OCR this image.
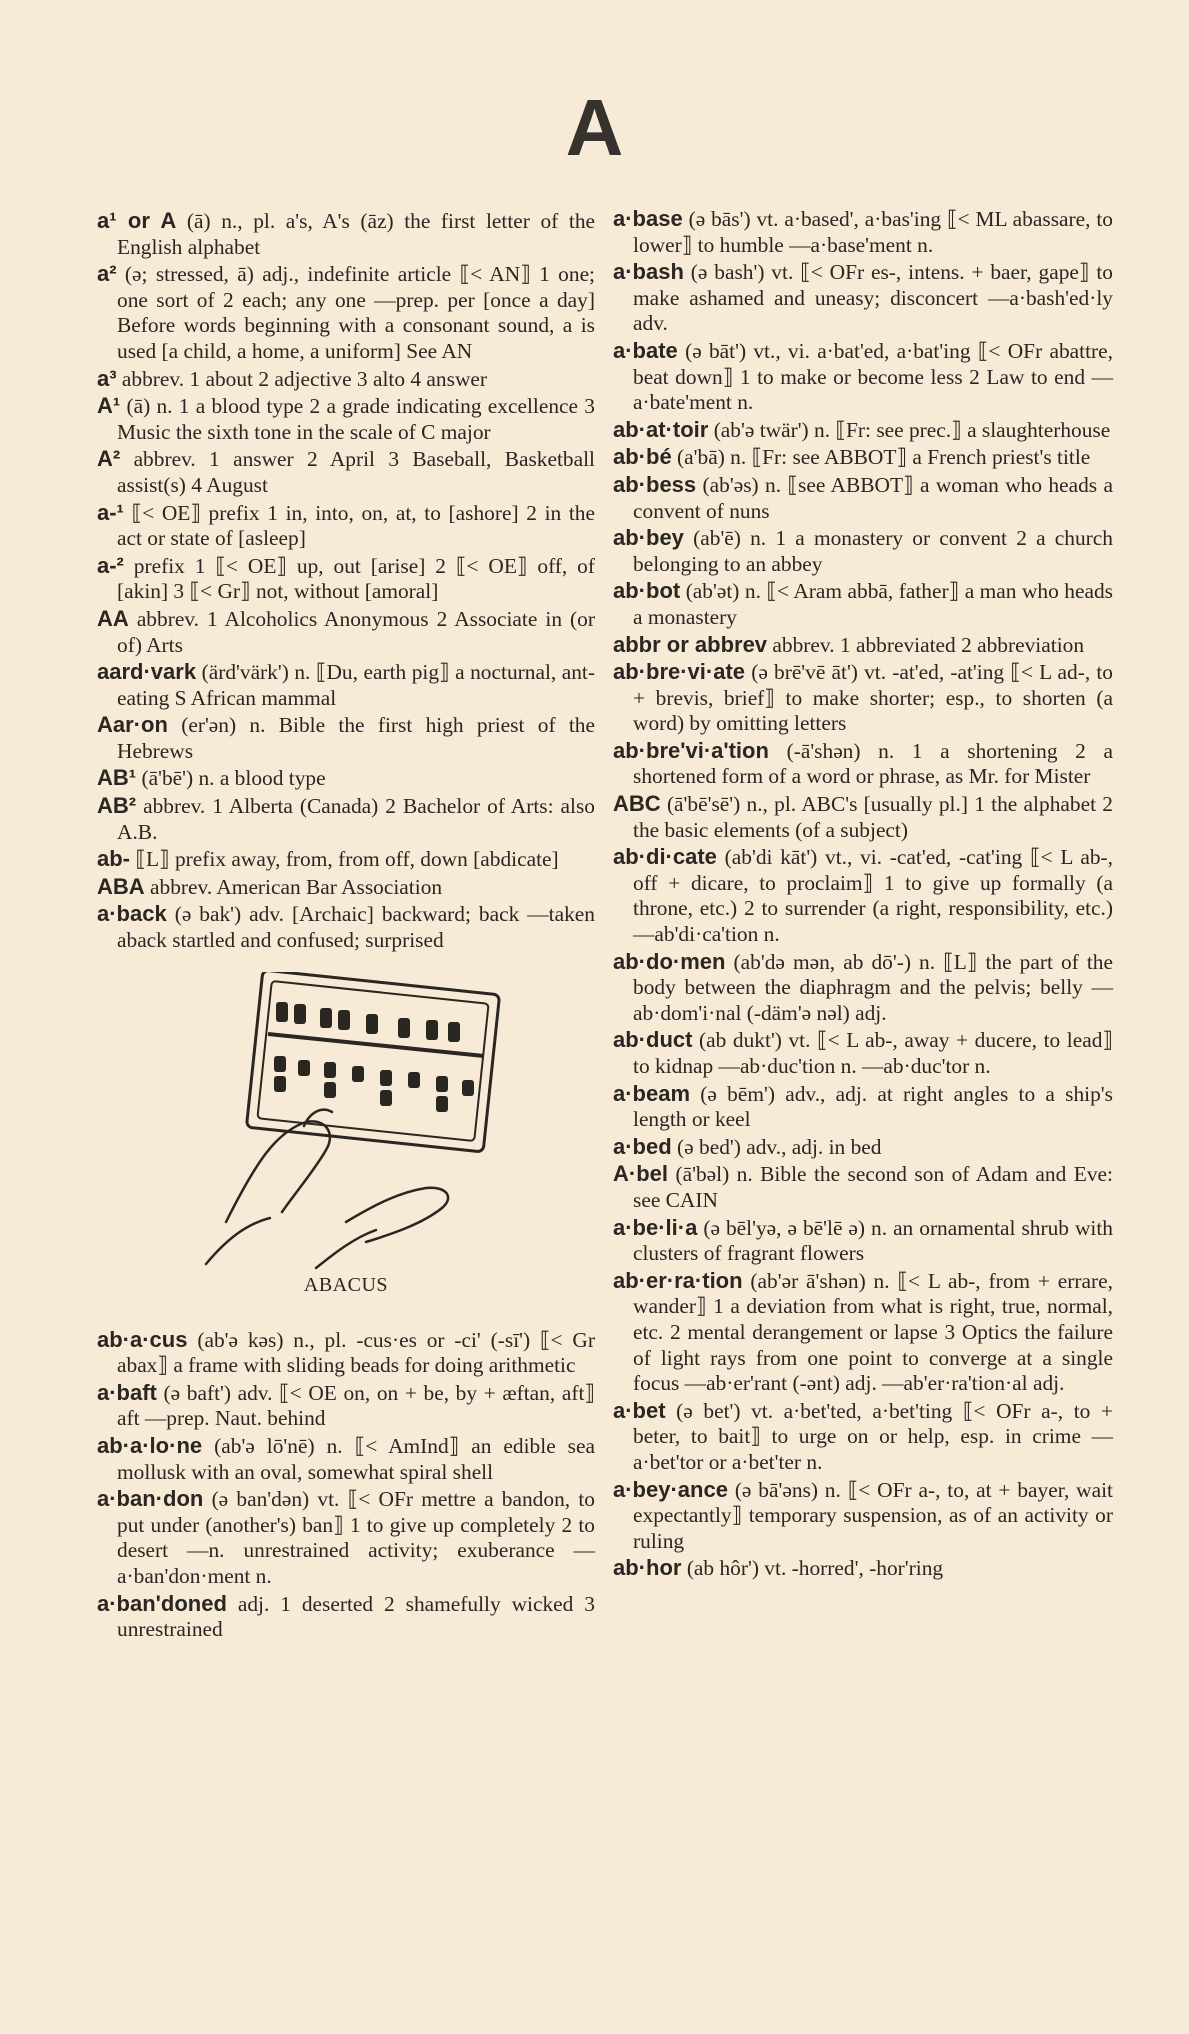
A
a¹ or A (ā) n., pl. a's, A's (āz) the first letter of the English alphabet
a² (ə; stressed, ā) adj., indefinite article ⟦< AN⟧ 1 one; one sort of 2 each; any one —prep. per [once a day] Before words beginning with a consonant sound, a is used [a child, a home, a uniform] See AN
a³ abbrev. 1 about 2 adjective 3 alto 4 answer
A¹ (ā) n. 1 a blood type 2 a grade indicating excellence 3 Music the sixth tone in the scale of C major
A² abbrev. 1 answer 2 April 3 Baseball, Basketball assist(s) 4 August
a-¹ ⟦< OE⟧ prefix 1 in, into, on, at, to [ashore] 2 in the act or state of [asleep]
a-² prefix 1 ⟦< OE⟧ up, out [arise] 2 ⟦< OE⟧ off, of [akin] 3 ⟦< Gr⟧ not, without [amoral]
AA abbrev. 1 Alcoholics Anonymous 2 Associate in (or of) Arts
aard·vark (ärd'värk') n. ⟦Du, earth pig⟧ a nocturnal, ant-eating S African mammal
Aar·on (er'ən) n. Bible the first high priest of the Hebrews
AB¹ (ā'bē') n. a blood type
AB² abbrev. 1 Alberta (Canada) 2 Bachelor of Arts: also A.B.
ab- ⟦L⟧ prefix away, from, from off, down [abdicate]
ABA abbrev. American Bar Association
a·back (ə bak') adv. [Archaic] backward; back —taken aback startled and confused; surprised
ABACUS
ab·a·cus (ab'ə kəs) n., pl. -cus·es or -ci' (-sī') ⟦< Gr abax⟧ a frame with sliding beads for doing arithmetic
a·baft (ə baft') adv. ⟦< OE on, on + be, by + æftan, aft⟧ aft —prep. Naut. behind
ab·a·lo·ne (ab'ə lō'nē) n. ⟦< AmInd⟧ an edible sea mollusk with an oval, somewhat spiral shell
a·ban·don (ə ban'dən) vt. ⟦< OFr mettre a bandon, to put under (another's) ban⟧ 1 to give up completely 2 to desert —n. unrestrained activity; exuberance —a·ban'don·ment n.
a·ban'doned adj. 1 deserted 2 shamefully wicked 3 unrestrained
a·base (ə bās') vt. a·based', a·bas'ing ⟦< ML abassare, to lower⟧ to humble —a·base'ment n.
a·bash (ə bash') vt. ⟦< OFr es-, intens. + baer, gape⟧ to make ashamed and uneasy; disconcert —a·bash'ed·ly adv.
a·bate (ə bāt') vt., vi. a·bat'ed, a·bat'ing ⟦< OFr abattre, beat down⟧ 1 to make or become less 2 Law to end —a·bate'ment n.
ab·at·toir (ab'ə twär') n. ⟦Fr: see prec.⟧ a slaughterhouse
ab·bé (a'bā) n. ⟦Fr: see ABBOT⟧ a French priest's title
ab·bess (ab'əs) n. ⟦see ABBOT⟧ a woman who heads a convent of nuns
ab·bey (ab'ē) n. 1 a monastery or convent 2 a church belonging to an abbey
ab·bot (ab'ət) n. ⟦< Aram abbā, father⟧ a man who heads a monastery
abbr or abbrev abbrev. 1 abbreviated 2 abbreviation
ab·bre·vi·ate (ə brē'vē āt') vt. -at'ed, -at'ing ⟦< L ad-, to + brevis, brief⟧ to make shorter; esp., to shorten (a word) by omitting letters
ab·bre'vi·a'tion (-ā'shən) n. 1 a shortening 2 a shortened form of a word or phrase, as Mr. for Mister
ABC (ā'bē'sē') n., pl. ABC's [usually pl.] 1 the alphabet 2 the basic elements (of a subject)
ab·di·cate (ab'di kāt') vt., vi. -cat'ed, -cat'ing ⟦< L ab-, off + dicare, to proclaim⟧ 1 to give up formally (a throne, etc.) 2 to surrender (a right, responsibility, etc.) —ab'di·ca'tion n.
ab·do·men (ab'də mən, ab dō'-) n. ⟦L⟧ the part of the body between the diaphragm and the pelvis; belly —ab·dom'i·nal (-däm'ə nəl) adj.
ab·duct (ab dukt') vt. ⟦< L ab-, away + ducere, to lead⟧ to kidnap —ab·duc'tion n. —ab·duc'tor n.
a·beam (ə bēm') adv., adj. at right angles to a ship's length or keel
a·bed (ə bed') adv., adj. in bed
A·bel (ā'bəl) n. Bible the second son of Adam and Eve: see CAIN
a·be·li·a (ə bēl'yə, ə bē'lē ə) n. an ornamental shrub with clusters of fragrant flowers
ab·er·ra·tion (ab'ər ā'shən) n. ⟦< L ab-, from + errare, wander⟧ 1 a deviation from what is right, true, normal, etc. 2 mental derangement or lapse 3 Optics the failure of light rays from one point to converge at a single focus —ab·er'rant (-ənt) adj. —ab'er·ra'tion·al adj.
a·bet (ə bet') vt. a·bet'ted, a·bet'ting ⟦< OFr a-, to + beter, to bait⟧ to urge on or help, esp. in crime —a·bet'tor or a·bet'ter n.
a·bey·ance (ə bā'əns) n. ⟦< OFr a-, to, at + bayer, wait expectantly⟧ temporary suspension, as of an activity or ruling
ab·hor (ab hôr') vt. -horred', -hor'ring
